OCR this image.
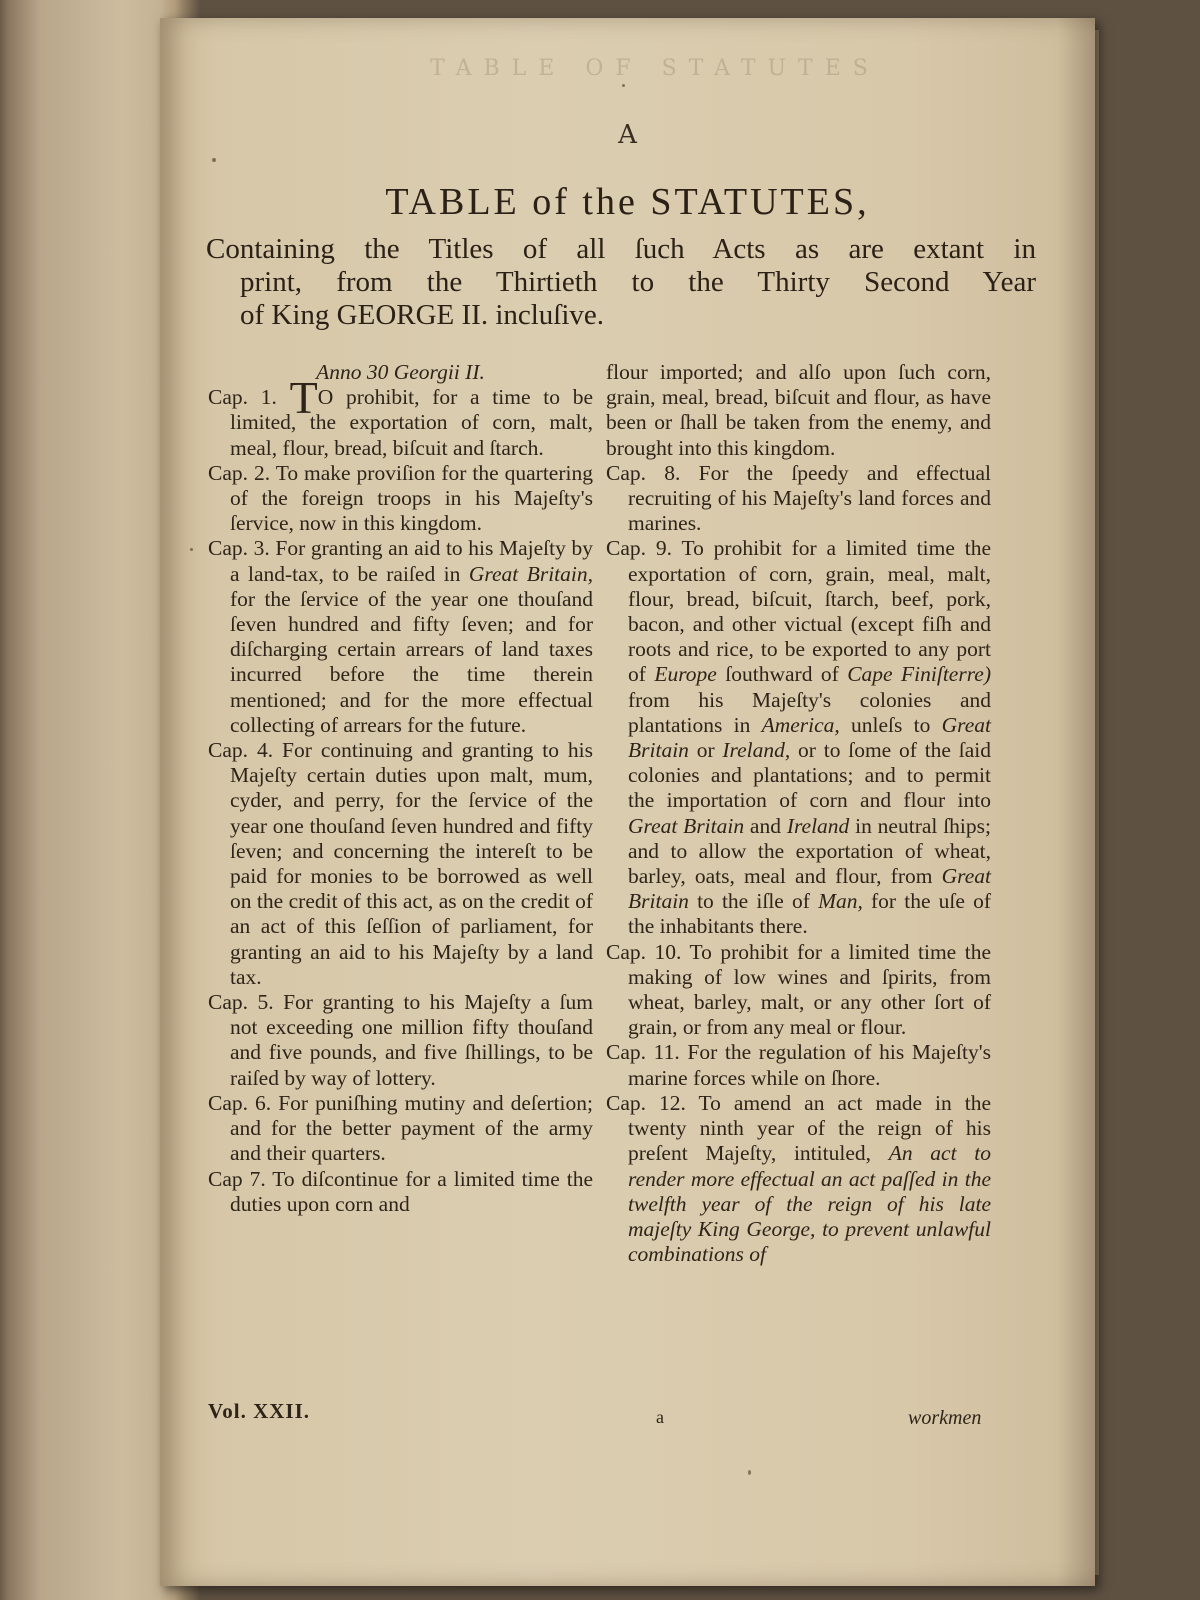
TABLE OF STATUTES
A
TABLE of the STATUTES,
Containing the Titles of all ſuch Acts as are extant in
print, from the Thirtieth to the Thirty Second Year
of King GEORGE II. incluſive.
Anno 30 Georgii II.

Cap. 1. TO prohibit, for a time to be limited, the exportation of corn, malt, meal, flour, bread, biſcuit and ſtarch.

Cap. 2. To make proviſion for the quartering of the foreign troops in his Majeſty's ſervice, now in this kingdom.

Cap. 3. For granting an aid to his Majeſty by a land-tax, to be raiſed in Great Britain, for the ſervice of the year one thouſand ſeven hundred and fifty ſeven; and for diſcharging certain arrears of land taxes incurred before the time therein mentioned; and for the more effectual collecting of arrears for the future.

Cap. 4. For continuing and granting to his Majeſty certain duties upon malt, mum, cyder, and perry, for the ſervice of the year one thouſand ſeven hundred and fifty ſeven; and concerning the intereſt to be paid for monies to be borrowed as well on the credit of this act, as on the credit of an act of this ſeſſion of parliament, for granting an aid to his Majeſty by a land tax.

Cap. 5. For granting to his Majeſty a ſum not exceeding one million fifty thouſand and five pounds, and five ſhillings, to be raiſed by way of lottery.

Cap. 6. For puniſhing mutiny and deſertion; and for the better payment of the army and their quarters.

Cap 7. To diſcontinue for a limited time the duties upon corn and

flour imported; and alſo upon ſuch corn, grain, meal, bread, biſcuit and flour, as have been or ſhall be taken from the enemy, and brought into this kingdom.

Cap. 8. For the ſpeedy and effectual recruiting of his Majeſty's land forces and marines.

Cap. 9. To prohibit for a limited time the exportation of corn, grain, meal, malt, flour, bread, biſcuit, ſtarch, beef, pork, bacon, and other victual (except fiſh and roots and rice, to be exported to any port of Europe ſouthward of Cape Finiſterre) from his Majeſty's colonies and plantations in America, unleſs to Great Britain or Ireland, or to ſome of the ſaid colonies and plantations; and to permit the importation of corn and flour into Great Britain and Ireland in neutral ſhips; and to allow the exportation of wheat, barley, oats, meal and flour, from Great Britain to the iſle of Man, for the uſe of the inhabitants there.

Cap. 10. To prohibit for a limited time the making of low wines and ſpirits, from wheat, barley, malt, or any other ſort of grain, or from any meal or flour.

Cap. 11. For the regulation of his Majeſty's marine forces while on ſhore.

Cap. 12. To amend an act made in the twenty ninth year of the reign of his preſent Majeſty, intituled, An act to render more effectual an act paſſed in the twelfth year of the reign of his late majeſty King George, to prevent unlawful combinations of

Vol. XXII.	a	workmen
